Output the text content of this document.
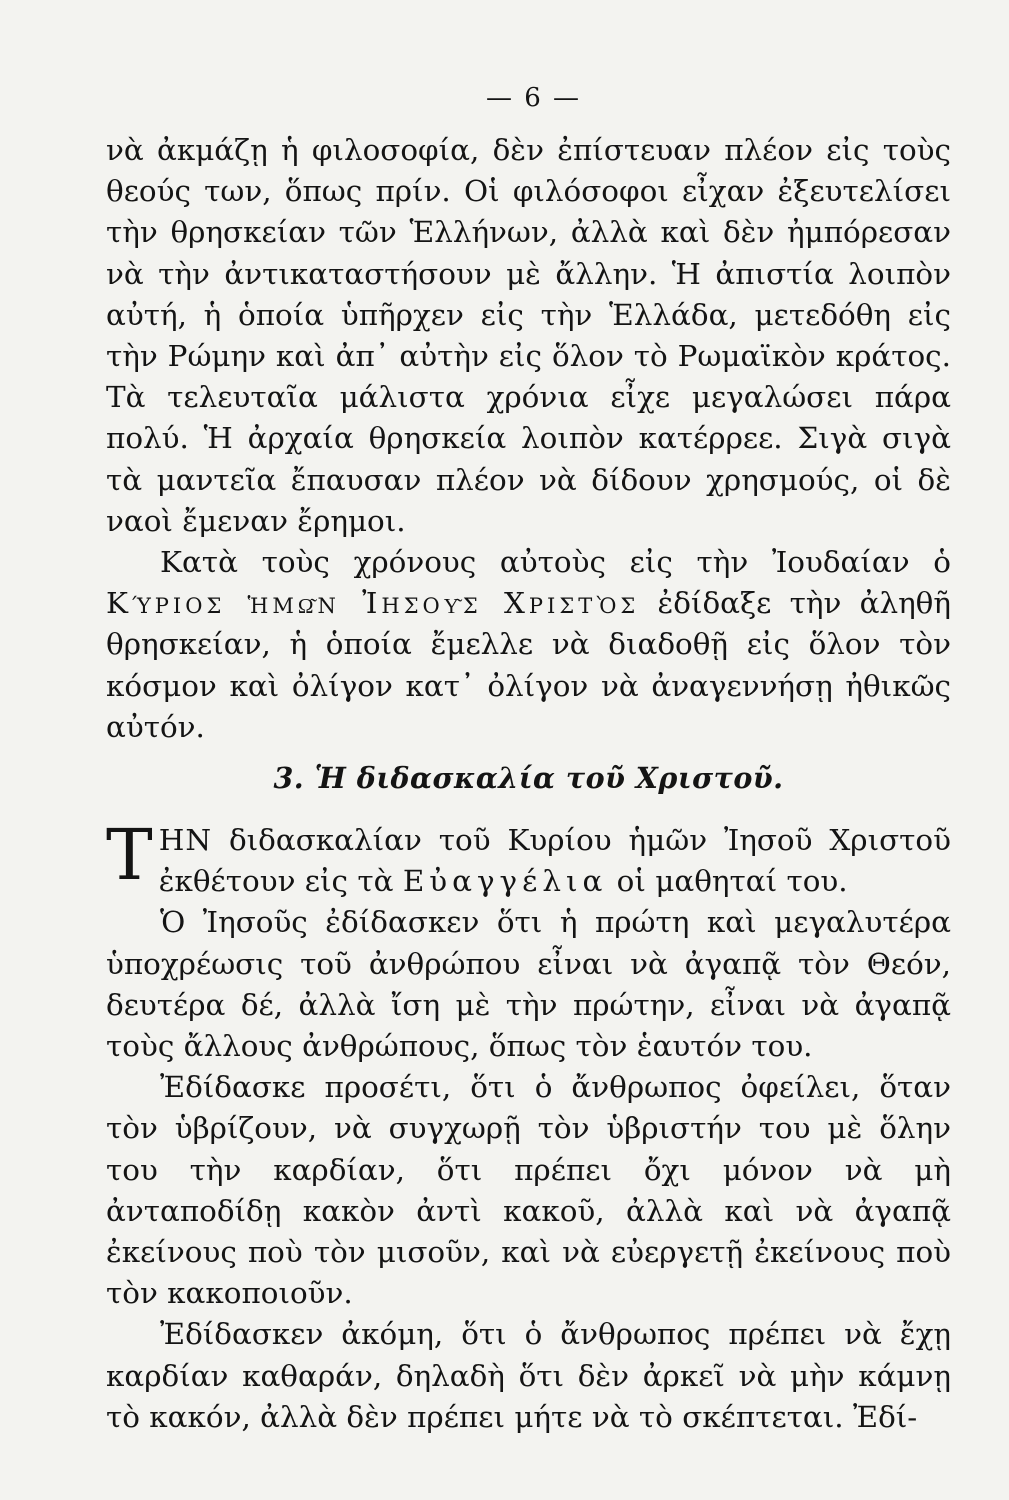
— 6 —

νὰ ἀκμάζῃ ἡ φιλοσοφία, δὲν ἐπίστευαν πλέον εἰς τοὺς θεούς των, ὅπως πρίν. Οἱ φιλόσοφοι εἶχαν ἐξευτελίσει τὴν θρησκείαν τῶν Ἑλλήνων, ἀλλὰ καὶ δὲν ἠμπόρεσαν νὰ τὴν ἀντικαταστήσουν μὲ ἄλλην. Ἡ ἀπιστία λοιπὸν αὐτή, ἡ ὁποία ὑπῆρχεν εἰς τὴν Ἑλλάδα, μετεδόθη εἰς τὴν Ρώμην καὶ ἀπ᾽ αὐτὴν εἰς ὅλον τὸ Ρωμαϊκὸν κράτος. Τὰ τελευταῖα μάλιστα χρόνια εἶχε μεγαλώσει πάρα πολύ. Ἡ ἀρχαία θρησκεία λοιπὸν κατέρρεε. Σιγὰ σιγὰ τὰ μαντεῖα ἔπαυσαν πλέον νὰ δίδουν χρησμούς, οἱ δὲ ναοὶ ἔμεναν ἔρημοι.

Κατὰ τοὺς χρόνους αὐτοὺς εἰς τὴν Ἰουδαίαν ὁ Κύριος ἡμῶν Ἰησοῦς Χριστὸς ἐδίδαξε τὴν ἀληθῆ θρησκείαν, ἡ ὁποία ἔμελλε νὰ διαδοθῇ εἰς ὅλον τὸν κόσμον καὶ ὀλίγον κατ᾽ ὀλίγον νὰ ἀναγεννήσῃ ἠθικῶς αὐτόν.

3. Ἡ διδασκαλία τοῦ Χριστοῦ.

ΤΗΝ διδασκαλίαν τοῦ Κυρίου ἡμῶν Ἰησοῦ Χριστοῦ ἐκθέτουν εἰς τὰ Εὐαγγέλια οἱ μαθηταί του.

Ὁ Ἰησοῦς ἐδίδασκεν ὅτι ἡ πρώτη καὶ μεγαλυτέρα ὑποχρέωσις τοῦ ἀνθρώπου εἶναι νὰ ἀγαπᾷ τὸν Θεόν, δευτέρα δέ, ἀλλὰ ἴση μὲ τὴν πρώτην, εἶναι νὰ ἀγαπᾷ τοὺς ἄλλους ἀνθρώπους, ὅπως τὸν ἑαυτόν του.

Ἐδίδασκε προσέτι, ὅτι ὁ ἄνθρωπος ὀφείλει, ὅταν τὸν ὑβρίζουν, νὰ συγχωρῇ τὸν ὑβριστήν του μὲ ὅλην του τὴν καρδίαν, ὅτι πρέπει ὄχι μόνον νὰ μὴ ἀνταποδίδῃ κακὸν ἀντὶ κακοῦ, ἀλλὰ καὶ νὰ ἀγαπᾷ ἐκείνους ποὺ τὸν μισοῦν, καὶ νὰ εὐεργετῇ ἐκείνους ποὺ τὸν κακοποιοῦν.

Ἐδίδασκεν ἀκόμη, ὅτι ὁ ἄνθρωπος πρέπει νὰ ἔχῃ καρδίαν καθαράν, δηλαδὴ ὅτι δὲν ἀρκεῖ νὰ μὴν κάμνῃ τὸ κακόν, ἀλλὰ δὲν πρέπει μήτε νὰ τὸ σκέπτεται. Ἐδί-
